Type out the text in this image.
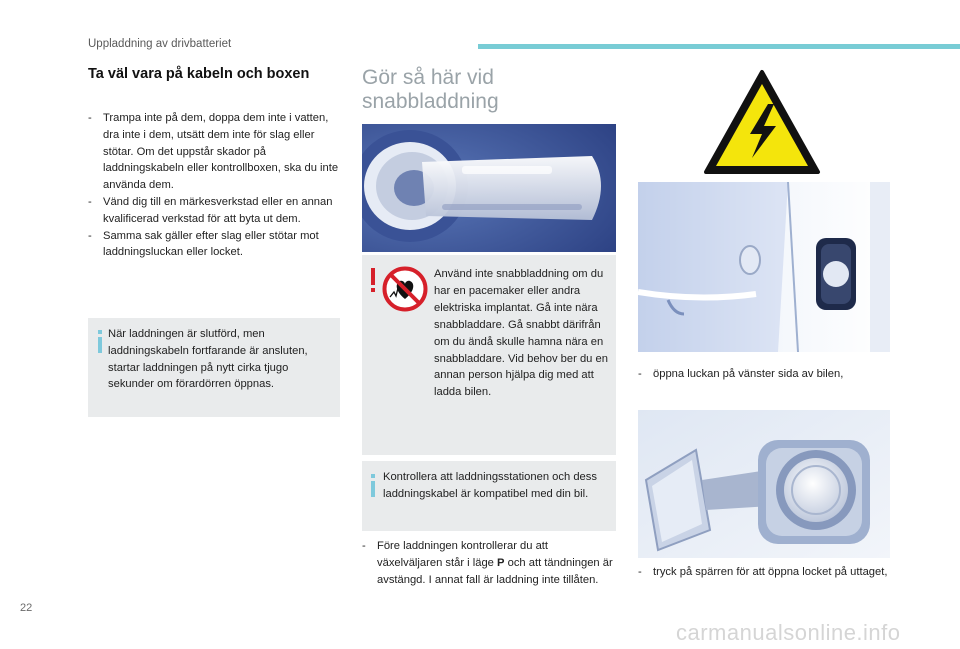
Uppladdning av drivbatteriet
Ta väl vara på kabeln och boxen
- Trampa inte på dem, doppa dem inte i vatten, dra inte i dem, utsätt dem inte för slag eller stötar. Om det uppstår skador på laddningskabeln eller kontrollboxen, ska du inte använda dem.
- Vänd dig till en märkesverkstad eller en annan kvalificerad verkstad för att byta ut dem.
- Samma sak gäller efter slag eller stötar mot laddningsluckan eller locket.
När laddningen är slutförd, men laddningskabeln fortfarande är ansluten, startar laddningen på nytt cirka tjugo sekunder om förardörren öppnas.
Gör så här vid snabbladdning
Använd inte snabbladdning om du har en pacemaker eller andra elektriska implantat. Gå inte nära snabbladdare. Gå snabbt därifrån om du ändå skulle hamna nära en snabbladdare. Vid behov ber du en annan person hjälpa dig med att ladda bilen.
Kontrollera att laddningsstationen och dess laddningskabel är kompatibel med din bil.
- Före laddningen kontrollerar du att växelväljaren står i läge P och att tändningen är avstängd. I annat fall är laddning inte tillåten.
- öppna luckan på vänster sida av bilen,
- tryck på spärren för att öppna locket på uttaget,
22
carmanualsonline.info
